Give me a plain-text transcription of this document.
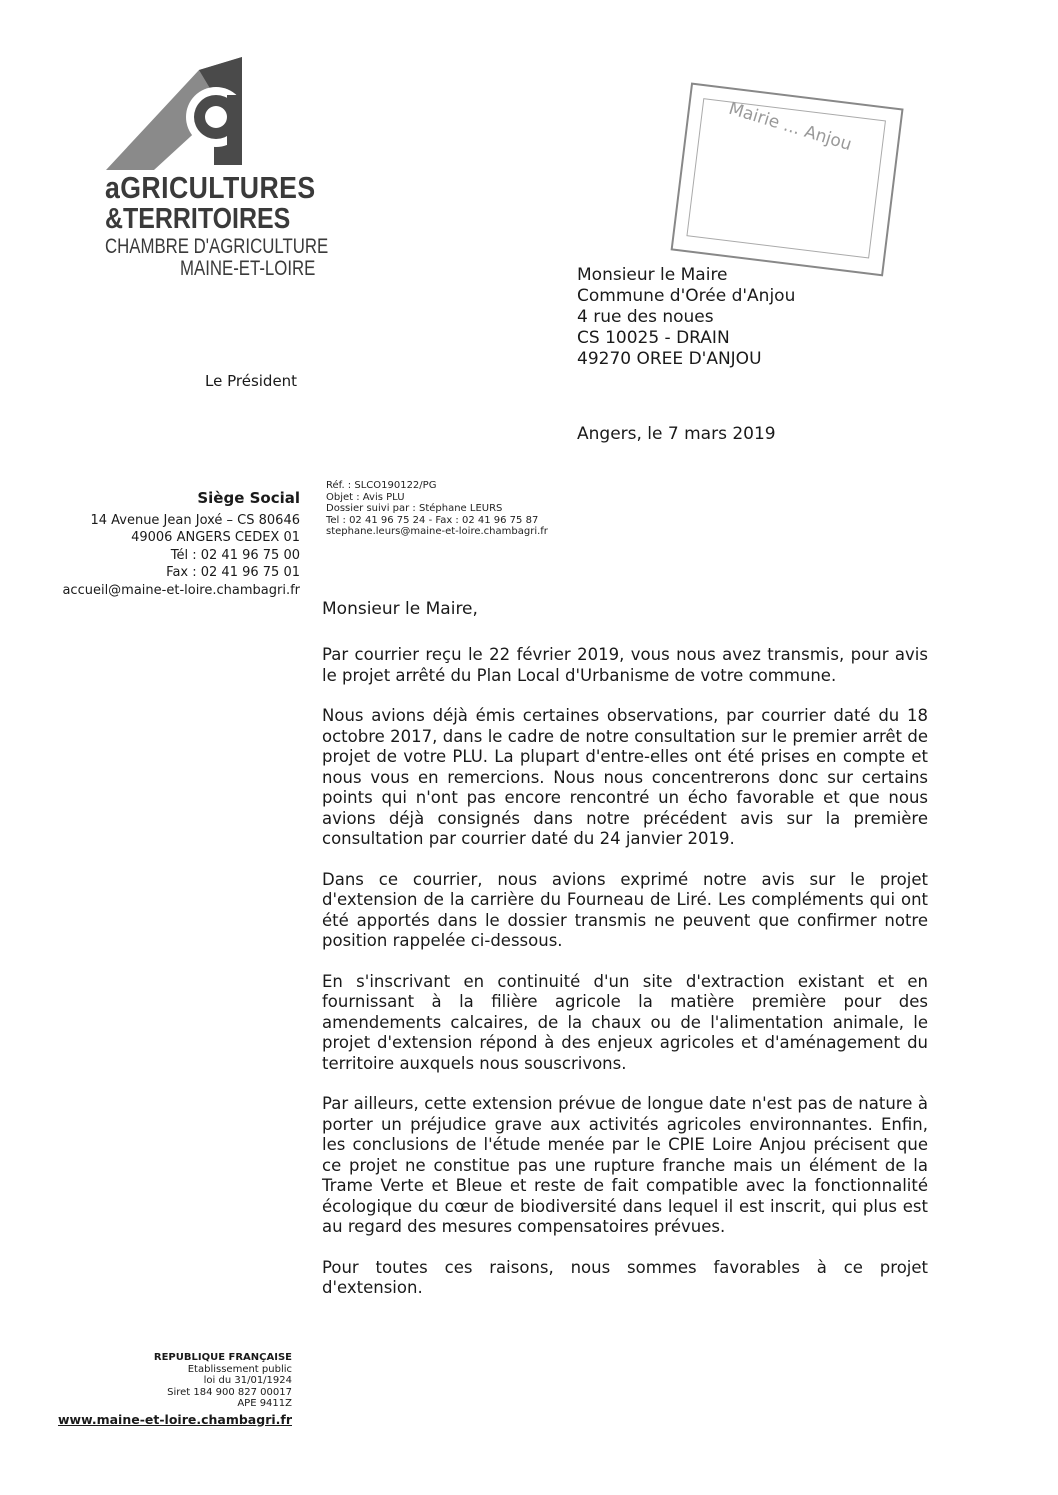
aGRICULTURES
&TERRITOIRES
CHAMBRE D'AGRICULTURE
MAINE-ET-LOIRE
Mairie ... Anjou
Le Président
Monsieur le Maire
Commune d'Orée d'Anjou
4 rue des noues
CS 10025 - DRAIN
49270 OREE D'ANJOU
Angers, le 7 mars 2019
Siège Social
14 Avenue Jean Joxé – CS 80646
49006 ANGERS CEDEX 01
Tél : 02 41 96 75 00
Fax : 02 41 96 75 01
accueil@maine-et-loire.chambagri.fr
Réf. : SLCO190122/PG
Objet : Avis PLU
Dossier suivi par : Stéphane LEURS
Tel : 02 41 96 75 24 - Fax : 02 41 96 75 87
stephane.leurs@maine-et-loire.chambagri.fr
Monsieur le Maire,

Par courrier reçu le 22 février 2019, vous nous avez transmis, pour avis le projet arrêté du Plan Local d'Urbanisme de votre commune.

Nous avions déjà émis certaines observations, par courrier daté du 18 octobre 2017, dans le cadre de notre consultation sur le premier arrêt de projet de votre PLU. La plupart d'entre-elles ont été prises en compte et nous vous en remercions. Nous nous concentrerons donc sur certains points qui n'ont pas encore rencontré un écho favorable et que nous avions déjà consignés dans notre précédent avis sur la première consultation par courrier daté du 24 janvier 2019.

Dans ce courrier, nous avions exprimé notre avis sur le projet d'extension de la carrière du Fourneau de Liré. Les compléments qui ont été apportés dans le dossier transmis ne peuvent que confirmer notre position rappelée ci-dessous.

En s'inscrivant en continuité d'un site d'extraction existant et en fournissant à la filière agricole la matière première pour des amendements calcaires, de la chaux ou de l'alimentation animale, le projet d'extension répond à des enjeux agricoles et d'aménagement du territoire auxquels nous souscrivons.

Par ailleurs, cette extension prévue de longue date n'est pas de nature à porter un préjudice grave aux activités agricoles environnantes. Enfin, les conclusions de l'étude menée par le CPIE Loire Anjou précisent que ce projet ne constitue pas une rupture franche mais un élément de la Trame Verte et Bleue et reste de fait compatible avec la fonctionnalité écologique du cœur de biodiversité dans lequel il est inscrit, qui plus est au regard des mesures compensatoires prévues.

Pour toutes ces raisons, nous sommes favorables à ce projet d'extension.

REPUBLIQUE FRANÇAISE
Etablissement public
loi du 31/01/1924
Siret 184 900 827 00017
APE 9411Z
www.maine-et-loire.chambagri.fr
